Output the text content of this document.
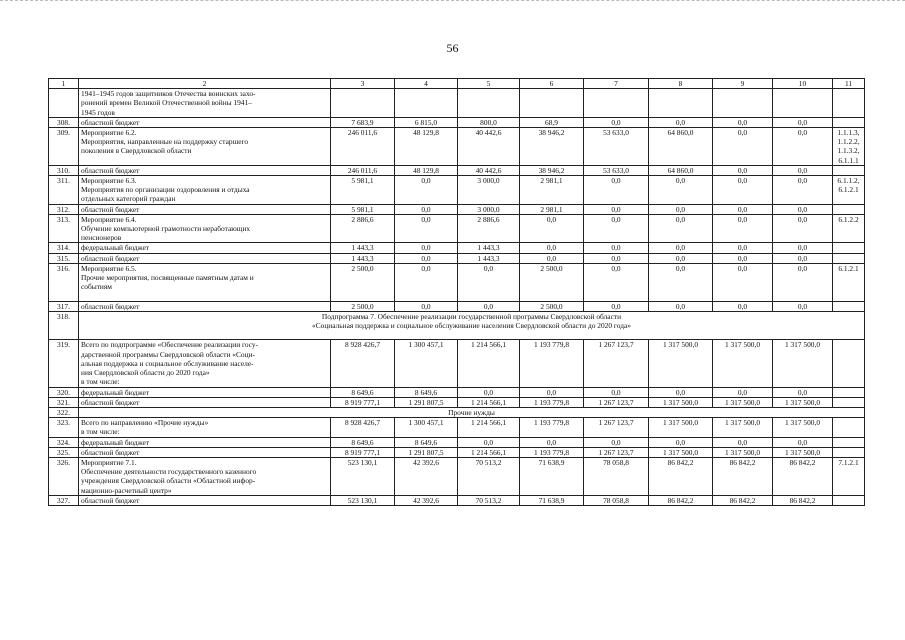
56
1	2	3	4	5	6	7	8	9	10	11

	1941–1945 годов защитников Отечества воинских захо-
ронений времен Великой Отечественной войны 1941–
1945 годов									

308.	областной бюджет	7 683,9	6 815,0	800,0	68,9	0,0	0,0	0,0	0,0	
309.	Мероприятие 6.2.
Мероприятия, направленные на поддержку старшего
поколения в Свердловской области	246 011,6	48 129,8	40 442,6	38 946,2	53 633,0	64 860,0	0,0	0,0	1.1.1.3,
1.1.2.2,
1.1.3.2,
6.1.1.1

310.	областной бюджет	246 011,6	48 129,8	40 442,6	38 946,2	53 633,0	64 860,0	0,0	0,0	
311.	Мероприятие 6.3.
Мероприятия по организации оздоровления и отдыха
отдельных категорий граждан	5 981,1	0,0	3 000,0	2 981,1	0,0	0,0	0,0	0,0	6.1.1.2,
6.1.2.1

312.	областной бюджет	5 981,1	0,0	3 000,0	2 981,1	0,0	0,0	0,0	0,0	
313.	Мероприятие 6.4.
Обучение компьютерной грамотности неработающих
пенсионеров	2 886,6	0,0	2 886,6	0,0	0,0	0,0	0,0	0,0	6.1.2.2

314.	федеральный бюджет	1 443,3	0,0	1 443,3	0,0	0,0	0,0	0,0	0,0	
315.	областной бюджет	1 443,3	0,0	1 443,3	0,0	0,0	0,0	0,0	0,0	
316.	Мероприятие 6.5.
Прочие мероприятия, посвященные памятным датам и
событиям	2 500,0	0,0	0,0	2 500,0	0,0	0,0	0,0	0,0	6.1.2.1

317.	областной бюджет	2 500,0	0,0	0,0	2 500,0	0,0	0,0	0,0	0,0	
318.	Подпрограмма 7. Обеспечение реализации государственной программы Свердловской области
«Социальная поддержка и социальное обслуживание населения Свердловской области до 2020 года»									

319.	Всего по подпрограмме «Обеспечение реализации госу-
дарственной программы Свердловской области «Соци-
альная поддержка и социальное обслуживание населе-
ния Свердловской области до 2020 года»
в том числе:	8 928 426,7	1 300 457,1	1 214 566,1	1 193 779,8	1 267 123,7	1 317 500,0	1 317 500,0	1 317 500,0	
320.	федеральный бюджет	8 649,6	8 649,6	0,0	0,0	0,0	0,0	0,0	0,0	
321.	областной бюджет	8 919 777,1	1 291 807,5	1 214 566,1	1 193 779,8	1 267 123,7	1 317 500,0	1 317 500,0	1 317 500,0	
322.	Прочие нужды									

323.	Всего по направлению «Прочие нужды»
в том числе:	8 928 426,7	1 300 457,1	1 214 566,1	1 193 779,8	1 267 123,7	1 317 500,0	1 317 500,0	1 317 500,0	
324.	федеральный бюджет	8 649,6	8 649,6	0,0	0,0	0,0	0,0	0,0	0,0	
325.	областной бюджет	8 919 777,1	1 291 807,5	1 214 566,1	1 193 779,8	1 267 123,7	1 317 500,0	1 317 500,0	1 317 500,0	
326.	Мероприятие 7.1.
Обеспечение деятельности государственного казенного
учреждения Свердловской области «Областной инфор-
мационно-расчетный центр»	523 130,1	42 392,6	70 513,2	71 638,9	78 058,8	86 842,2	86 842,2	86 842,2	7.1.2.1

327.	областной бюджет	523 130,1	42 392,6	70 513,2	71 638,9	78 058,8	86 842,2	86 842,2	86 842,2	
